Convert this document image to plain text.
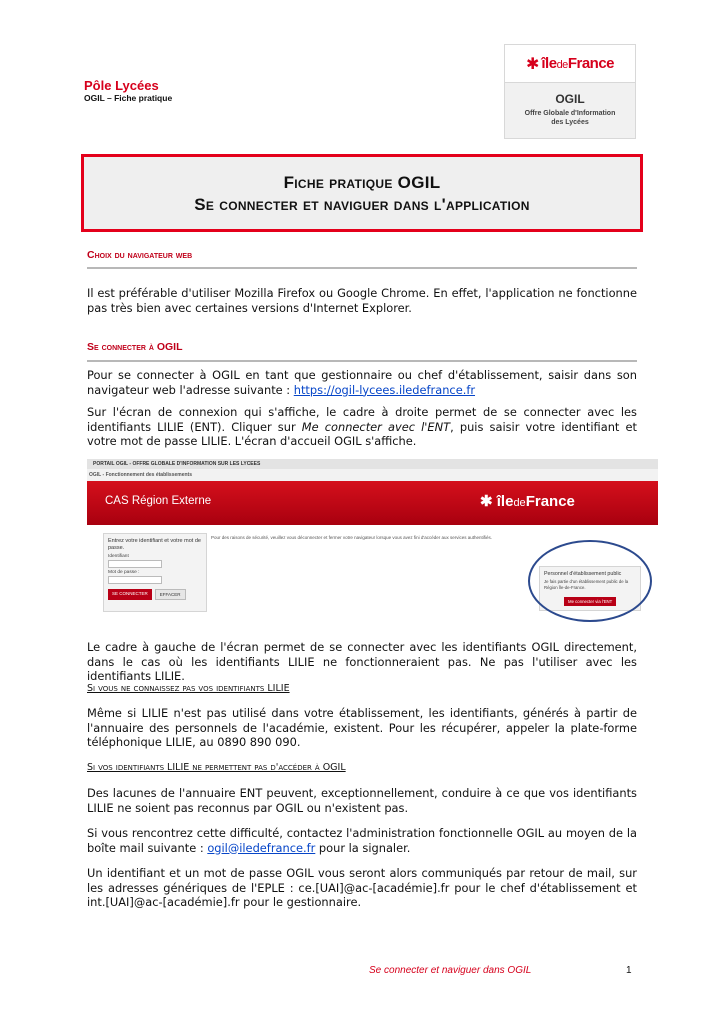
Pôle Lycées
OGIL – Fiche pratique
✱ îledeFrance
OGIL
Offre Globale d'Information
des Lycées
Fiche pratique OGIL
Se connecter et naviguer dans l'application
Choix du navigateur web
Il est préférable d'utiliser Mozilla Firefox ou Google Chrome. En effet, l'application ne fonctionne pas très bien avec certaines versions d'Internet Explorer.
Se connecter à OGIL
Pour se connecter à OGIL en tant que gestionnaire ou chef d'établissement, saisir dans son navigateur web l'adresse suivante : https://ogil-lycees.iledefrance.fr
Sur l'écran de connexion qui s'affiche, le cadre à droite permet de se connecter avec les identifiants LILIE (ENT). Cliquer sur Me connecter avec l'ENT, puis saisir votre identifiant et votre mot de passe LILIE. L'écran d'accueil OGIL s'affiche.
PORTAIL OGIL - OFFRE GLOBALE D'INFORMATION SUR LES LYCEES
OGIL - Fonctionnement des établissements
CAS Région Externe	✱ îledeFrance
Entrez votre identifiant et votre mot de passe.
Identifiant
Mot de passe :
SE CONNECTER	EFFACER
Pour des raisons de sécurité, veuillez vous déconnecter et fermer votre navigateur lorsque vous avez fini d'accéder aux services authentifiés.
Personnel d'établissement public
Je fais partie d'un établissement public de la Région Île-de-France.
Me connecter via l'ENT
Le cadre à gauche de l'écran permet de se connecter avec les identifiants OGIL directement, dans le cas où les identifiants LILIE ne fonctionneraient pas. Ne pas l'utiliser avec les identifiants LILIE.
Si vous ne connaissez pas vos identifiants LILIE
Même si LILIE n'est pas utilisé dans votre établissement, les identifiants, générés à partir de l'annuaire des personnels de l'académie, existent. Pour les récupérer, appeler la plate-forme téléphonique LILIE, au 0890 890 090.
Si vos identifiants LILIE ne permettent pas d'accéder à OGIL
Des lacunes de l'annuaire ENT peuvent, exceptionnellement, conduire à ce que vos identifiants LILIE ne soient pas reconnus par OGIL ou n'existent pas.
Si vous rencontrez cette difficulté, contactez l'administration fonctionnelle OGIL au moyen de la boîte mail suivante : ogil@iledefrance.fr pour la signaler.
Un identifiant et un mot de passe OGIL vous seront alors communiqués par retour de mail, sur les adresses génériques de l'EPLE : ce.[UAI]@ac-[académie].fr pour le chef d'établissement et int.[UAI]@ac-[académie].fr pour le gestionnaire.
Se connecter et naviguer dans OGIL	1
